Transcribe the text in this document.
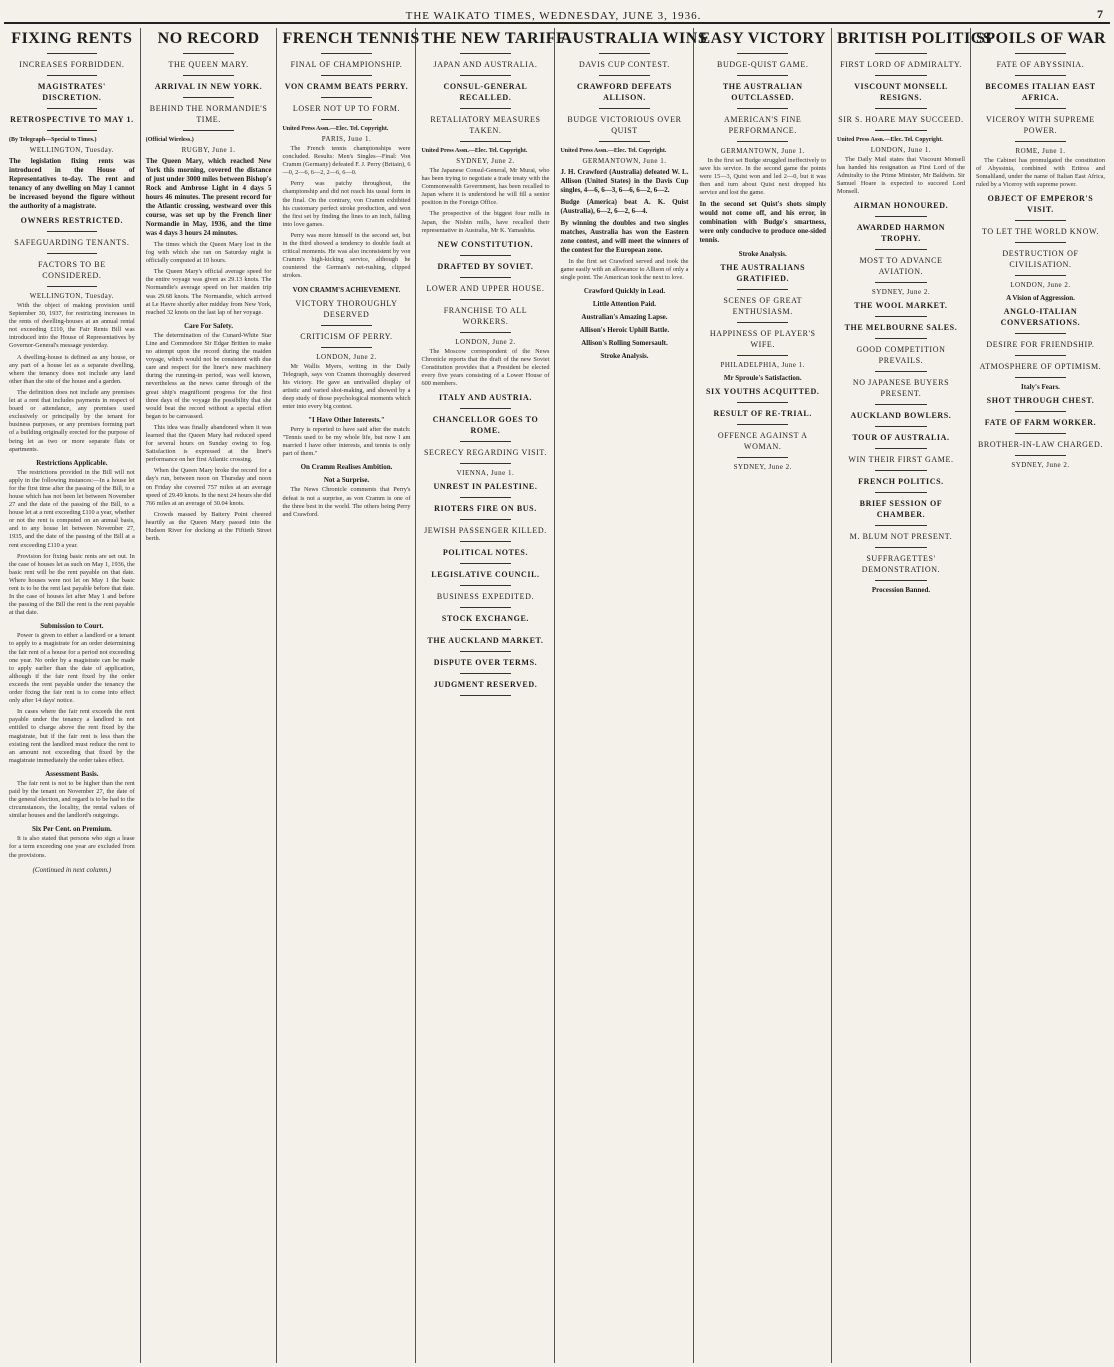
THE WAIKATO TIMES, WEDNESDAY, JUNE 3, 1936.	7
FIXING RENTS
INCREASES FORBIDDEN.
MAGISTRATES' DISCRETION.
RETROSPECTIVE TO MAY 1.
(By Telegraph—Special to Times.)
WELLINGTON, Tuesday.
The legislation fixing rents was introduced in the House of Representatives to-day. The rent and tenancy of any dwelling on May 1 cannot be increased beyond the figure without the authority of a magistrate.
OWNERS RESTRICTED.
SAFEGUARDING TENANTS.
FACTORS TO BE CONSIDERED.
WELLINGTON, Tuesday.
With the object of making provision until September 30, 1937, for restricting increases in the rents of dwelling-houses at an annual rental not exceeding £110, the Fair Rents Bill was introduced into the House of Representatives by Governor-General's message yesterday.
A dwelling-house is defined as any house, or any part of a house let as a separate dwelling, where the tenancy does not include any land other than the site of the house and a garden.
The definition does not include any premises let at a rent that includes payments in respect of board or attendance, any premises used exclusively or principally by the tenant for business purposes, or any premises forming part of a building originally erected for the purpose of being let as two or more separate flats or apartments.
Restrictions Applicable.
The restrictions provided in the Bill will not apply in the following instances:—In a house let for the first time after the passing of the Bill, to a house which has not been let between November 27 and the date of the passing of the Bill, to a house let at a rent exceeding £110 a year, whether or not the rent is computed on an annual basis, and to any house let between November 27, 1935, and the date of the passing of the Bill at a rent exceeding £110 a year.
Provision for fixing basic rents are set out. In the case of houses let as such on May 1, 1936, the basic rent will be the rent payable on that date. Where houses were not let on May 1 the basic rent is to be the rent last payable before that date. In the case of houses let after May 1 and before the passing of the Bill the rent is the rent payable at that date.
Submission to Court.
Power is given to either a landlord or a tenant to apply to a magistrate for an order determining the fair rent of a house for a period not exceeding one year. No order by a magistrate can be made to apply earlier than the date of application, although if the fair rent fixed by the order exceeds the rent payable under the tenancy the order fixing the fair rent is to come into effect only after 14 days' notice.
In cases where the fair rent exceeds the rent payable under the tenancy a landlord is not entitled to charge above the rent fixed by the magistrate, but if the fair rent is less than the existing rent the landlord must reduce the rent to an amount not exceeding that fixed by the magistrate immediately the order takes effect.
Assessment Basis.
The fair rent is not to be higher than the rent paid by the tenant on November 27, the date of the general election, and regard is to be had to the circumstances, the locality, the rental values of similar houses and the landlord's outgoings.
Six Per Cent. on Premium.
It is also stated that persons who sign a lease for a term exceeding one year are excluded from the provisions.
(Continued in next column.)
NO RECORD
THE QUEEN MARY.
ARRIVAL IN NEW YORK.
BEHIND THE NORMANDIE'S TIME.
(Official Wireless.)
RUGBY, June 1.
The Queen Mary, which reached New York this morning, covered the distance of just under 3000 miles between Bishop's Rock and Ambrose Light in 4 days 5 hours 46 minutes. The present record for the Atlantic crossing, westward over this course, was set up by the French liner Normandie in May, 1936, and the time was 4 days 3 hours 24 minutes.
The times which the Queen Mary lost in the fog with which she ran on Saturday night is officially computed at 10 hours.
The Queen Mary's official average speed for the entire voyage was given as 29.13 knots. The Normandie's average speed on her maiden trip was 29.68 knots. The Normandie, which arrived at Le Havre shortly after midday from New York, reached 32 knots on the last lap of her voyage.
Care For Safety.
The determination of the Cunard-White Star Line and Commodore Sir Edgar Britten to make no attempt upon the record during the maiden voyage, which would not be consistent with due care and respect for the liner's new machinery during the running-in period, was well known, nevertheless as the news came through of the great ship's magnificent progress for the first three days of the voyage the possibility that she would beat the record without a special effort began to be canvassed.
This idea was finally abandoned when it was learned that the Queen Mary had reduced speed for several hours on Sunday owing to fog. Satisfaction is expressed at the liner's performance on her first Atlantic crossing.
When the Queen Mary broke the record for a day's run, between noon on Thursday and noon on Friday she covered 757 miles at an average speed of 29.49 knots. In the next 24 hours she did 766 miles at an average of 30.04 knots.
Crowds massed by Battery Point cheered heartily as the Queen Mary passed into the Hudson River for docking at the Fiftieth Street berth.
FRENCH TENNIS
FINAL OF CHAMPIONSHIP.
VON CRAMM BEATS PERRY.
LOSER NOT UP TO FORM.
United Press Assn.—Elec. Tel. Copyright.
PARIS, June 1.
The French tennis championships were concluded. Results: Men's Singles—Final: Von Cramm (Germany) defeated F. J. Perry (Britain), 6—0, 2—6, 6—2, 2—6, 6—0.
Perry was patchy throughout, the championship and did not reach his usual form in the final. On the contrary, von Cramm exhibited his customary perfect stroke production, and won the first set by finding the lines to an inch, falling into love games.
Perry was more himself in the second set, but in the third showed a tendency to double fault at critical moments. He was also inconsistent by von Cramm's high-kicking service, although he countered the German's net-rushing, clipped strokes.
VON CRAMM'S ACHIEVEMENT.
VICTORY THOROUGHLY DESERVED
CRITICISM OF PERRY.
LONDON, June 2.
Mr Wallis Myers, writing in the Daily Telegraph, says von Cramm thoroughly deserved his victory. He gave an unrivalled display of artistic and varied shot-making, and showed by a deep study of those psychological moments which enter into every big contest.
"I Have Other Interests."
Perry is reported to have said after the match: "Tennis used to be my whole life, but now I am married I have other interests, and tennis is only part of them."
On Cramm Realises Ambition.
Not a Surprise.
The News Chronicle comments that Perry's defeat is not a surprise, as von Cramm is one of the three best in the world. The others being Perry and Crawford.
THE NEW TARIFF
JAPAN AND AUSTRALIA.
CONSUL-GENERAL RECALLED.
RETALIATORY MEASURES TAKEN.
United Press Assn.—Elec. Tel. Copyright.
SYDNEY, June 2.
The Japanese Consul-General, Mr Murai, who has been trying to negotiate a trade treaty with the Commonwealth Government, has been recalled to Japan where it is understood he will fill a senior position in the Foreign Office.
The prospective of the biggest four mills in Japan, the Nishin mills, have recalled their representative in Australia, Mr K. Yamashita.
NEW CONSTITUTION.
DRAFTED BY SOVIET.
LOWER AND UPPER HOUSE.
FRANCHISE TO ALL WORKERS.
LONDON, June 2.
The Moscow correspondent of the News Chronicle reports that the draft of the new Soviet Constitution provides that a President be elected every five years consisting of a Lower House of 600 members.
ITALY AND AUSTRIA.
CHANCELLOR GOES TO ROME.
SECRECY REGARDING VISIT.
VIENNA, June 1.
UNREST IN PALESTINE.
RIOTERS FIRE ON BUS.
JEWISH PASSENGER KILLED.
POLITICAL NOTES.
LEGISLATIVE COUNCIL.
BUSINESS EXPEDITED.
STOCK EXCHANGE.
THE AUCKLAND MARKET.
DISPUTE OVER TERMS.
JUDGMENT RESERVED.
AUSTRALIA WINS
DAVIS CUP CONTEST.
CRAWFORD DEFEATS ALLISON.
BUDGE VICTORIOUS OVER QUIST
United Press Assn.—Elec. Tel. Copyright.
GERMANTOWN, June 1.
J. H. Crawford (Australia) defeated W. L. Allison (United States) in the Davis Cup singles, 4—6, 6—3, 6—6, 6—2, 6—2.
Budge (America) beat A. K. Quist (Australia), 6—2, 6—2, 6—4.
By winning the doubles and two singles matches, Australia has won the Eastern zone contest, and will meet the winners of the contest for the European zone.
In the first set Crawford served and took the game easily with an allowance to Allison of only a single point. The American took the next to love.
Crawford Quickly in Lead.
Little Attention Paid.
Australian's Amazing Lapse.
Allison's Heroic Uphill Battle.
Allison's Rolling Somersault.
Stroke Analysis.
EASY VICTORY
BUDGE-QUIST GAME.
THE AUSTRALIAN OUTCLASSED.
AMERICAN'S FINE PERFORMANCE.
GERMANTOWN, June 1.
In the first set Budge struggled ineffectively to save his service. In the second game the points were 15—3, Quist won and led 2—0, but it was then and turn about Quist next dropped his service and lost the game.
In the second set Quist's shots simply would not come off, and his error, in combination with Budge's smartness, were only conducive to produce one-sided tennis.
Stroke Analysis.
THE AUSTRALIANS GRATIFIED.
SCENES OF GREAT ENTHUSIASM.
HAPPINESS OF PLAYER'S WIFE.
PHILADELPHIA, June 1.
Mr Sproule's Satisfaction.
SIX YOUTHS ACQUITTED.
RESULT OF RE-TRIAL.
OFFENCE AGAINST A WOMAN.
SYDNEY, June 2.
BRITISH POLITICS
FIRST LORD OF ADMIRALTY.
VISCOUNT MONSELL RESIGNS.
SIR S. HOARE MAY SUCCEED.
United Press Assn.—Elec. Tel. Copyright.
LONDON, June 1.
The Daily Mail states that Viscount Monsell has handed his resignation as First Lord of the Admiralty to the Prime Minister, Mr Baldwin. Sir Samuel Hoare is expected to succeed Lord Monsell.
AIRMAN HONOURED.
AWARDED HARMON TROPHY.
MOST TO ADVANCE AVIATION.
SYDNEY, June 2.
THE WOOL MARKET.
THE MELBOURNE SALES.
GOOD COMPETITION PREVAILS.
NO JAPANESE BUYERS PRESENT.
AUCKLAND BOWLERS.
TOUR OF AUSTRALIA.
WIN THEIR FIRST GAME.
FRENCH POLITICS.
BRIEF SESSION OF CHAMBER.
M. BLUM NOT PRESENT.
SUFFRAGETTES' DEMONSTRATION.
Procession Banned.
SPOILS OF WAR
FATE OF ABYSSINIA.
BECOMES ITALIAN EAST AFRICA.
VICEROY WITH SUPREME POWER.
ROME, June 1.
The Cabinet has promulgated the constitution of Abyssinia, combined with Eritrea and Somaliland, under the name of Italian East Africa, ruled by a Viceroy with supreme power.
OBJECT OF EMPEROR'S VISIT.
TO LET THE WORLD KNOW.
DESTRUCTION OF CIVILISATION.
LONDON, June 2.
A Vision of Aggression.
ANGLO-ITALIAN CONVERSATIONS.
DESIRE FOR FRIENDSHIP.
ATMOSPHERE OF OPTIMISM.
Italy's Fears.
SHOT THROUGH CHEST.
FATE OF FARM WORKER.
BROTHER-IN-LAW CHARGED.
SYDNEY, June 2.
